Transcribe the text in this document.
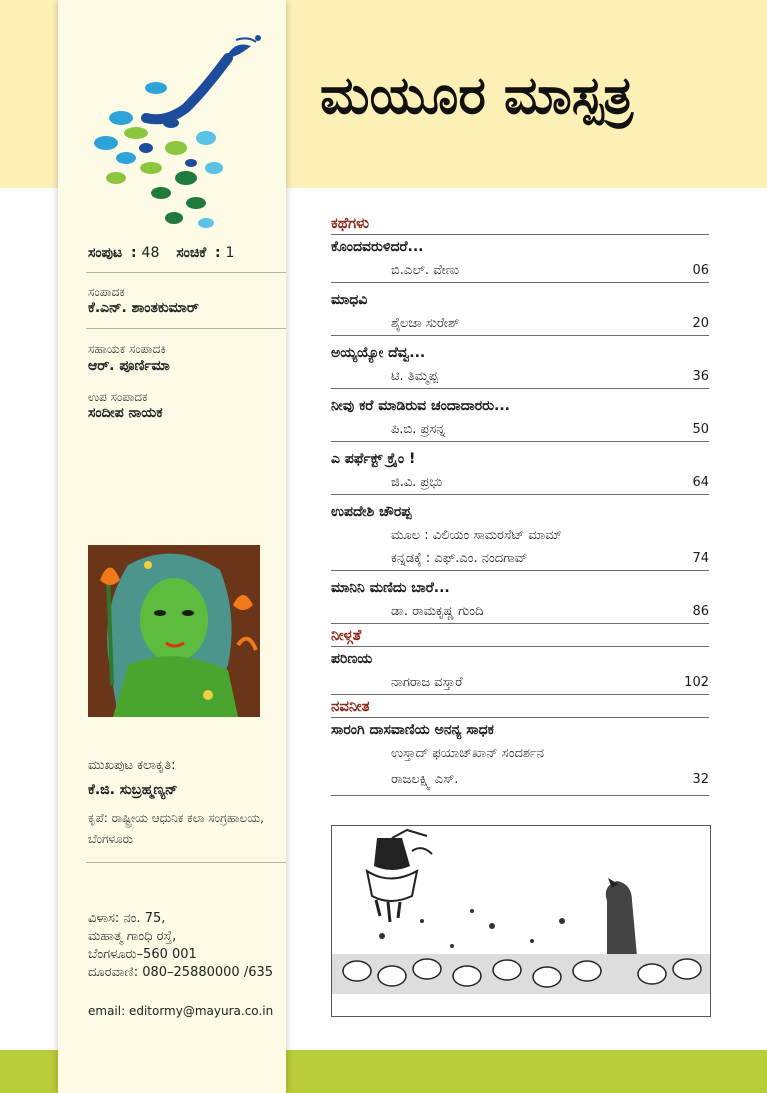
ಸಂಪುಟ : 48 ಸಂಚಿಕೆ : 1
ಸಂಪಾದಕ
ಕೆ.ಎನ್. ಶಾಂತಕುಮಾರ್
ಸಹಾಯಕ ಸಂಪಾದಕಿ
ಆರ್. ಪೂರ್ಣಿಮಾ
ಉಪ ಸಂಪಾದಕ
ಸಂದೀಪ ನಾಯಕ
ಮುಖಪುಟ ಕಲಾಕೃತಿ:
ಕೆ.ಜಿ. ಸುಬ್ರಹ್ಮಣ್ಯನ್
ಕೃಪೆ: ರಾಷ್ಟ್ರೀಯ ಆಧುನಿಕ ಕಲಾ ಸಂಗ್ರಹಾಲಯ, ಬೆಂಗಳೂರು
ವಿಳಾಸ: ನಂ. 75,
ಮಹಾತ್ಮ ಗಾಂಧಿ ರಸ್ತೆ,
ಬೆಂಗಳೂರು–560 001
ದೂರವಾಣಿ: 080–25880000 /635
email: editormy@mayura.co.in
ಮಯೂರ ಮಾಸ್ಪತ್ರ
ಕಥೆಗಳು
ಕೊಂದವರುಳಿದರೆ...
ಬಿ.ಎಲ್. ವೇಣು	06
ಮಾಧವಿ
ಶೈಲಜಾ ಸುರೇಶ್	20
ಅಯ್ಯಯ್ಯೋ ದೆವ್ವ...
ಟಿ. ತಿಮ್ಮಪ್ಪ	36
ನೀವು ಕರೆ ಮಾಡಿರುವ ಚಂದಾದಾರರು...
ಪಿ.ಬಿ. ಪ್ರಸನ್ನ	50
ಎ ಪರ್ಫೆಕ್ಟ್ ಕ್ರೈಂ !
ಜಿ.ವಿ. ಪ್ರಭು	64
ಉಪದೇಶಿ ಚೌರಪ್ಪ
ಮೂಲ : ವಿಲಿಯಂ ಸಾಮರಸೆಟ್ ಮಾಮ್
ಕನ್ನಡಕ್ಕೆ : ಎಫ್.ಎಂ. ನಂದಗಾವ್	74
ಮಾನಿನಿ ಮಣಿದು ಬಾರೆ...
ಡಾ. ರಾಮಕೃಷ್ಣ ಗುಂದಿ	86
ನೀಳ್ಗತೆ
ಪರಿಣಯ
ನಾಗರಾಜ ವಸ್ತಾರೆ	102
ನವನೀತ
ಸಾರಂಗಿ ದಾಸವಾಣಿಯ ಅನನ್ಯ ಸಾಧಕ
ಉಸ್ತಾದ್ ಫಯಾಜ್‌ಖಾನ್ ಸಂದರ್ಶನ
ರಾಜಲಕ್ಷ್ಮಿ ಎಸ್.	32
